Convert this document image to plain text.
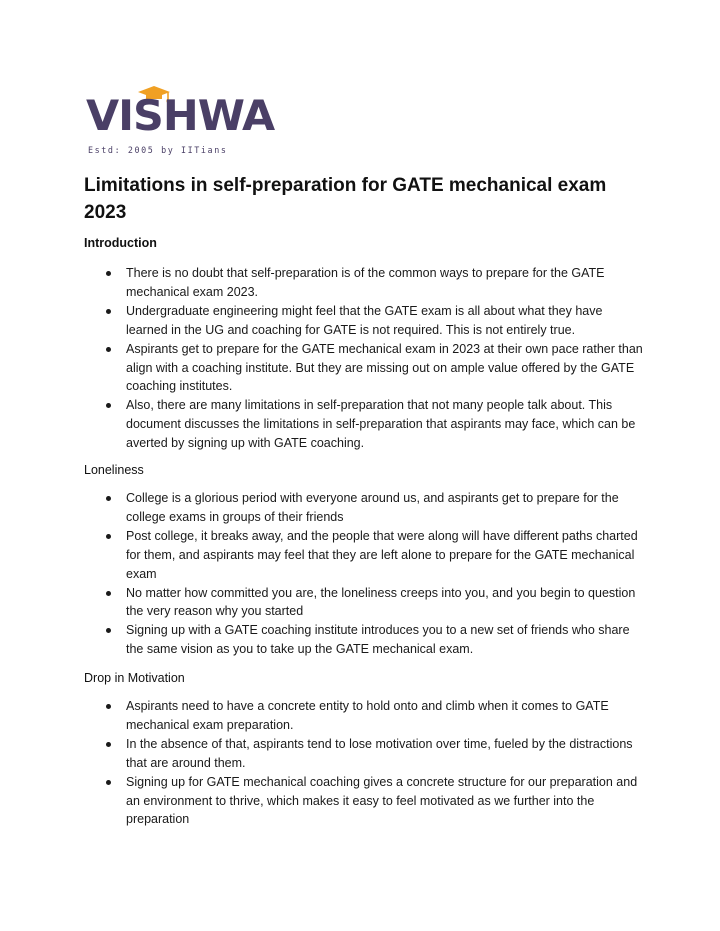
VISHWA
Estd: 2005 by IITians
Limitations in self-preparation for GATE mechanical exam 2023
Introduction
There is no doubt that self-preparation is of the common ways to prepare for the GATE mechanical exam 2023.
Undergraduate engineering might feel that the GATE exam is all about what they have learned in the UG and coaching for GATE is not required. This is not entirely true.
Aspirants get to prepare for the GATE mechanical exam in 2023 at their own pace rather than align with a coaching institute. But they are missing out on ample value offered by the GATE coaching institutes.
Also, there are many limitations in self-preparation that not many people talk about. This document discusses the limitations in self-preparation that aspirants may face, which can be averted by signing up with GATE coaching.
Loneliness
College is a glorious period with everyone around us, and aspirants get to prepare for the college exams in groups of their friends
Post college, it breaks away, and the people that were along will have different paths charted for them, and aspirants may feel that they are left alone to prepare for the GATE mechanical exam
No matter how committed you are, the loneliness creeps into you, and you begin to question the very reason why you started
Signing up with a GATE coaching institute introduces you to a new set of friends who share the same vision as you to take up the GATE mechanical exam.
Drop in Motivation
Aspirants need to have a concrete entity to hold onto and climb when it comes to GATE mechanical exam preparation.
In the absence of that, aspirants tend to lose motivation over time, fueled by the distractions that are around them.
Signing up for GATE mechanical coaching gives a concrete structure for our preparation and an environment to thrive, which makes it easy to feel motivated as we further into the preparation
